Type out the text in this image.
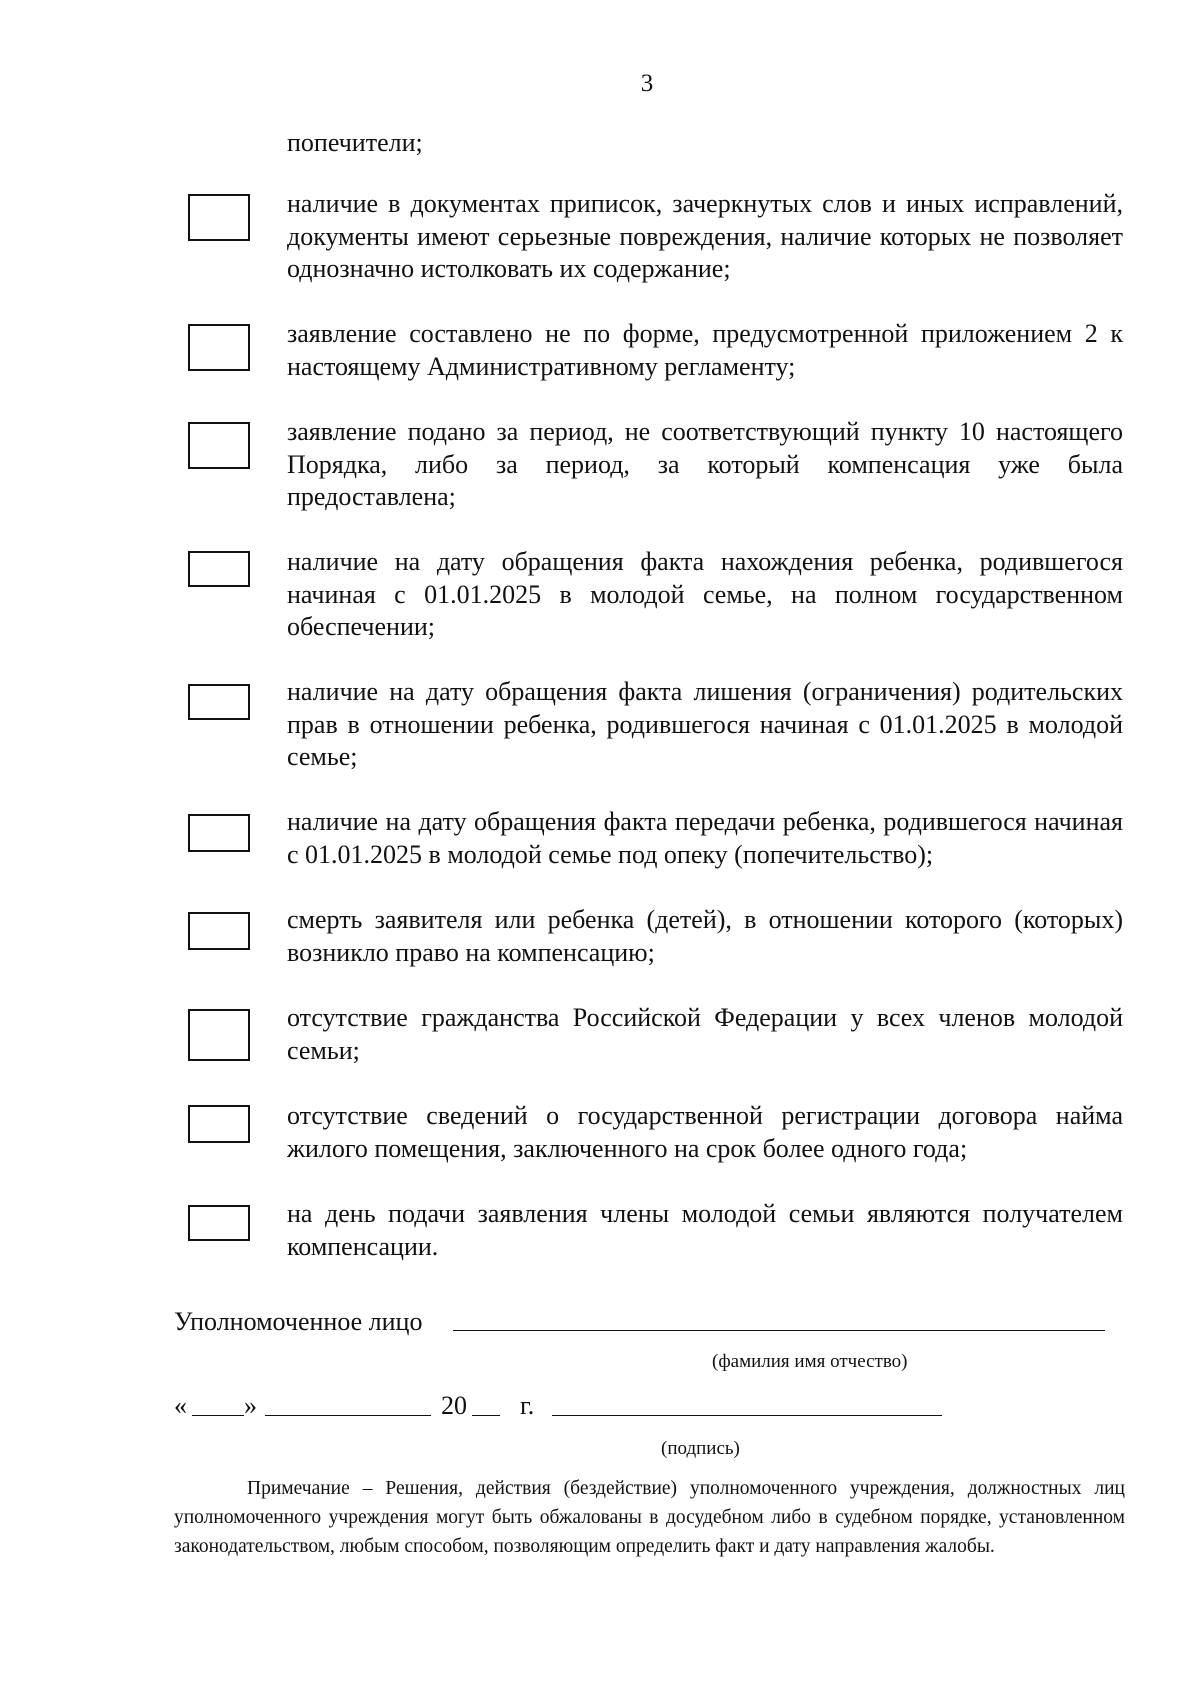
3
попечители;

наличие в документах приписок, зачеркнутых слов и иных исправлений, документы имеют серьезные повреждения, наличие которых не позволяет однозначно истолковать их содержание;

заявление составлено не по форме, предусмотренной приложением 2 к настоящему Административному регламенту;

заявление подано за период, не соответствующий пункту 10 настоящего Порядка, либо за период, за который компенсация уже была предоставлена;

наличие на дату обращения факта нахождения ребенка, родившегося начиная с 01.01.2025 в молодой семье, на полном государственном обеспечении;

наличие на дату обращения факта лишения (ограничения) родительских прав в отношении ребенка, родившегося начиная с 01.01.2025 в молодой семье;

наличие на дату обращения факта передачи ребенка, родившегося начиная с 01.01.2025 в молодой семье под опеку (попечительство);

смерть заявителя или ребенка (детей), в отношении которого (которых) возникло право на компенсацию;

отсутствие гражданства Российской Федерации у всех членов молодой семьи;

отсутствие сведений о государственной регистрации договора найма жилого помещения, заключенного на срок более одного года;

на день подачи заявления члены молодой семьи являются получателем компенсации.

Уполномоченное лицо
(фамилия имя отчество)
« »	20 г.
(подпись)

Примечание – Решения, действия (бездействие) уполномоченного учреждения, должностных лиц уполномоченного учреждения могут быть обжалованы в досудебном либо в судебном порядке, установленном законодательством, любым способом, позволяющим определить факт и дату направления жалобы.
